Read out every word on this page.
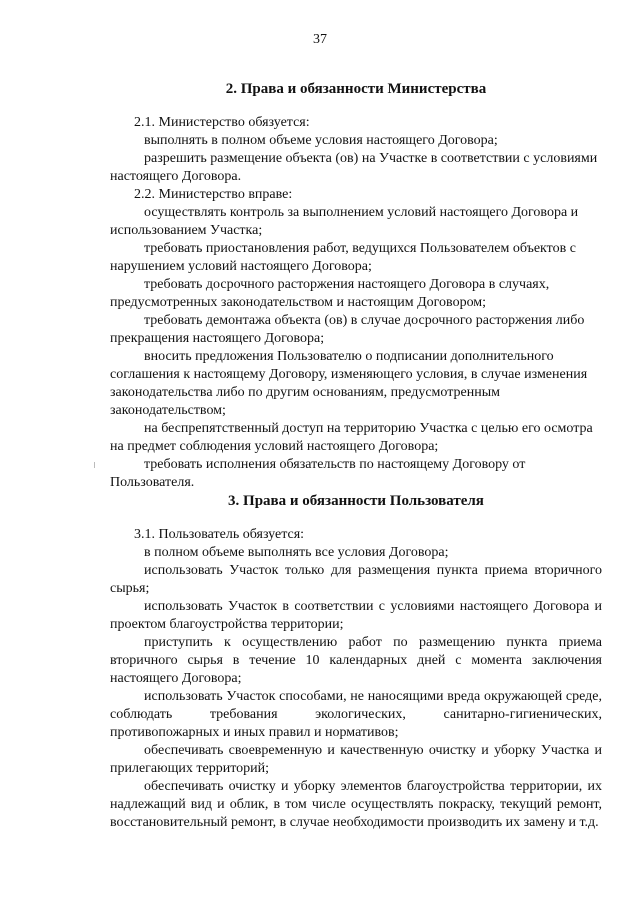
37
2. Права и обязанности Министерства

2.1. Министерство обязуется:

выполнять в полном объеме условия настоящего Договора;

разрешить размещение объекта (ов) на Участке в соответствии с условиями настоящего Договора.

2.2. Министерство вправе:

осуществлять контроль за выполнением условий настоящего Договора и использованием Участка;

требовать приостановления работ, ведущихся Пользователем объектов с нарушением условий настоящего Договора;

требовать досрочного расторжения настоящего Договора в случаях, предусмотренных законодательством и настоящим Договором;

требовать демонтажа объекта (ов) в случае досрочного расторжения либо прекращения настоящего Договора;

вносить предложения Пользователю о подписании дополнительного соглашения к настоящему Договору, изменяющего условия, в случае изменения законодательства либо по другим основаниям, предусмотренным законодательством;

на беспрепятственный доступ на территорию Участка с целью его осмотра на предмет соблюдения условий настоящего Договора;

требовать исполнения обязательств по настоящему Договору от Пользователя.

3. Права и обязанности Пользователя

3.1. Пользователь обязуется:

в полном объеме выполнять все условия Договора;

использовать Участок только для размещения пункта приема вторичного сырья;

использовать Участок в соответствии с условиями настоящего Договора и проектом благоустройства территории;

приступить к осуществлению работ по размещению пункта приема вторичного сырья в течение 10 календарных дней с момента заключения настоящего Договора;

использовать Участок способами, не наносящими вреда окружающей среде, соблюдать требования экологических, санитарно-гигиенических, противопожарных и иных правил и нормативов;

обеспечивать своевременную и качественную очистку и уборку Участка и прилегающих территорий;

обеспечивать очистку и уборку элементов благоустройства территории, их надлежащий вид и облик, в том числе осуществлять покраску, текущий ремонт, восстановительный ремонт, в случае необходимости производить их замену и т.д.
